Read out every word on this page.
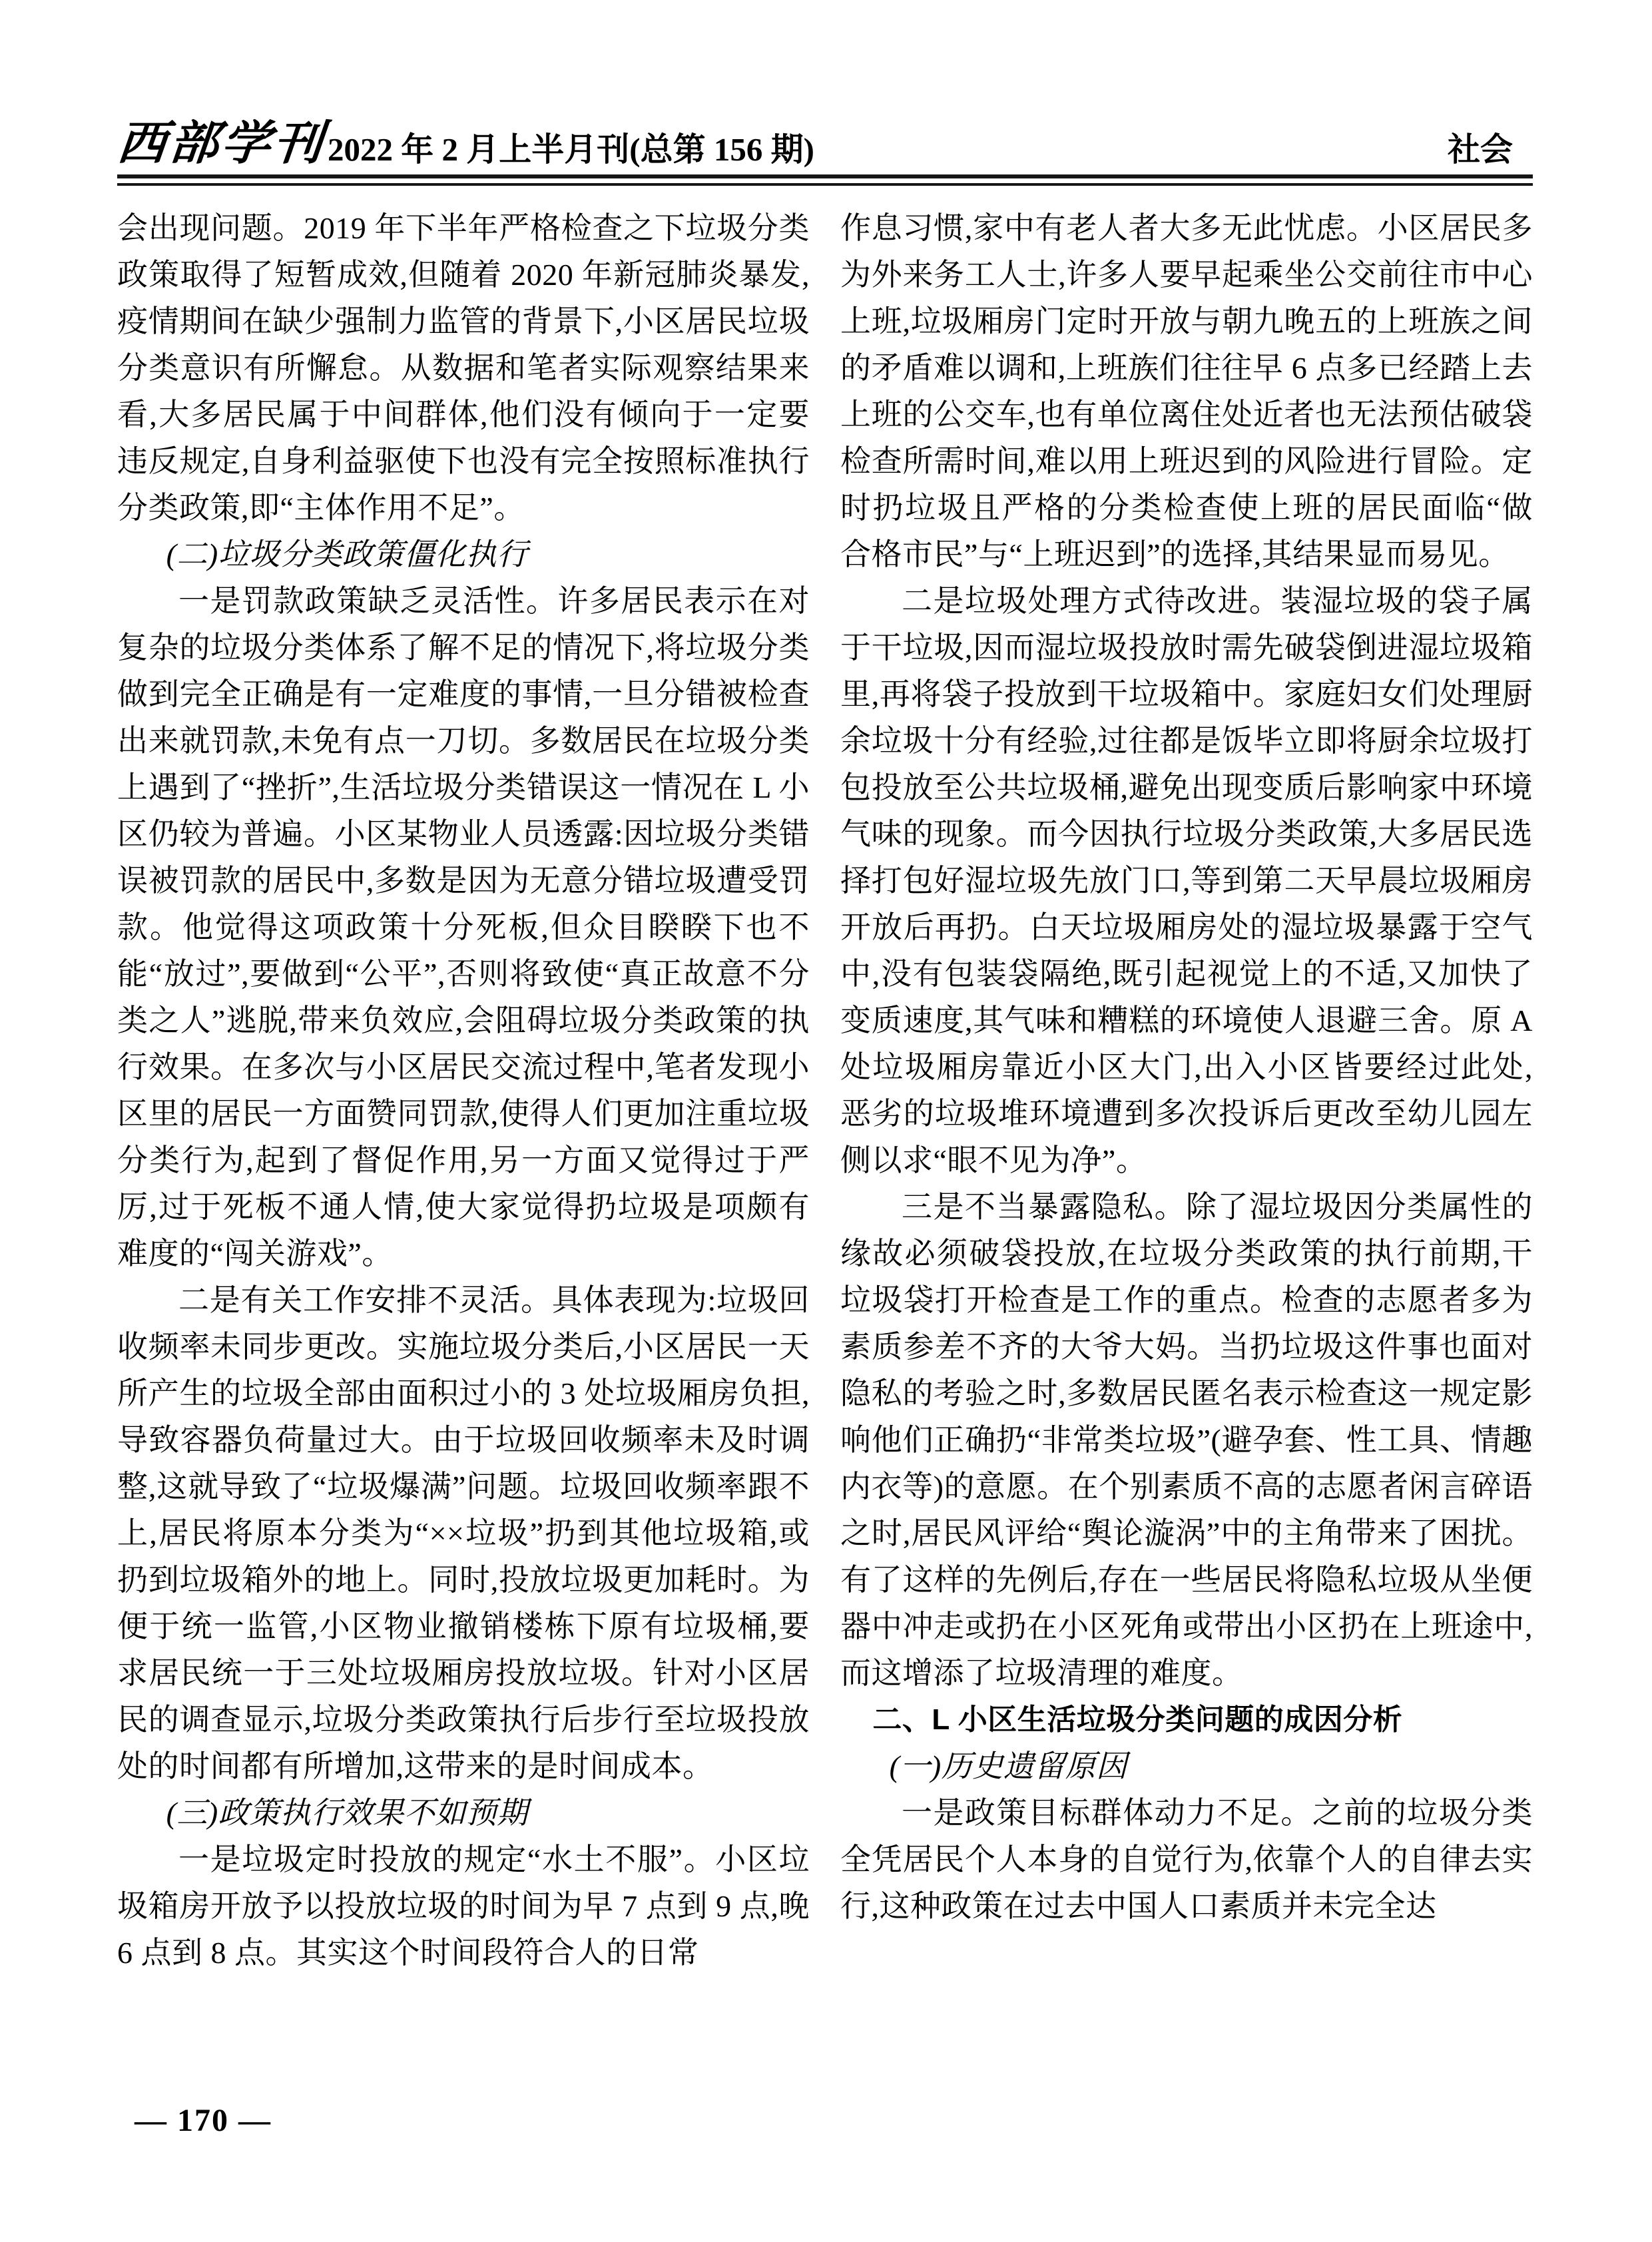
西部学刊 2022 年 2 月上半月刊(总第 156 期)	社会

会出现问题。2019 年下半年严格检查之下垃圾分类政策取得了短暂成效,但随着 2020 年新冠肺炎暴发,疫情期间在缺少强制力监管的背景下,小区居民垃圾分类意识有所懈怠。从数据和笔者实际观察结果来看,大多居民属于中间群体,他们没有倾向于一定要违反规定,自身利益驱使下也没有完全按照标准执行分类政策,即“主体作用不足”。

(二)垃圾分类政策僵化执行

一是罚款政策缺乏灵活性。许多居民表示在对复杂的垃圾分类体系了解不足的情况下,将垃圾分类做到完全正确是有一定难度的事情,一旦分错被检查出来就罚款,未免有点一刀切。多数居民在垃圾分类上遇到了“挫折”,生活垃圾分类错误这一情况在 L 小区仍较为普遍。小区某物业人员透露:因垃圾分类错误被罚款的居民中,多数是因为无意分错垃圾遭受罚款。他觉得这项政策十分死板,但众目睽睽下也不能“放过”,要做到“公平”,否则将致使“真正故意不分类之人”逃脱,带来负效应,会阻碍垃圾分类政策的执行效果。在多次与小区居民交流过程中,笔者发现小区里的居民一方面赞同罚款,使得人们更加注重垃圾分类行为,起到了督促作用,另一方面又觉得过于严厉,过于死板不通人情,使大家觉得扔垃圾是项颇有难度的“闯关游戏”。

二是有关工作安排不灵活。具体表现为:垃圾回收频率未同步更改。实施垃圾分类后,小区居民一天所产生的垃圾全部由面积过小的 3 处垃圾厢房负担,导致容器负荷量过大。由于垃圾回收频率未及时调整,这就导致了“垃圾爆满”问题。垃圾回收频率跟不上,居民将原本分类为“××垃圾”扔到其他垃圾箱,或扔到垃圾箱外的地上。同时,投放垃圾更加耗时。为便于统一监管,小区物业撤销楼栋下原有垃圾桶,要求居民统一于三处垃圾厢房投放垃圾。针对小区居民的调查显示,垃圾分类政策执行后步行至垃圾投放处的时间都有所增加,这带来的是时间成本。

(三)政策执行效果不如预期

一是垃圾定时投放的规定“水土不服”。小区垃圾箱房开放予以投放垃圾的时间为早 7 点到 9 点,晚 6 点到 8 点。其实这个时间段符合人的日常

作息习惯,家中有老人者大多无此忧虑。小区居民多为外来务工人士,许多人要早起乘坐公交前往市中心上班,垃圾厢房门定时开放与朝九晚五的上班族之间的矛盾难以调和,上班族们往往早 6 点多已经踏上去上班的公交车,也有单位离住处近者也无法预估破袋检查所需时间,难以用上班迟到的风险进行冒险。定时扔垃圾且严格的分类检查使上班的居民面临“做合格市民”与“上班迟到”的选择,其结果显而易见。

二是垃圾处理方式待改进。装湿垃圾的袋子属于干垃圾,因而湿垃圾投放时需先破袋倒进湿垃圾箱里,再将袋子投放到干垃圾箱中。家庭妇女们处理厨余垃圾十分有经验,过往都是饭毕立即将厨余垃圾打包投放至公共垃圾桶,避免出现变质后影响家中环境气味的现象。而今因执行垃圾分类政策,大多居民选择打包好湿垃圾先放门口,等到第二天早晨垃圾厢房开放后再扔。白天垃圾厢房处的湿垃圾暴露于空气中,没有包装袋隔绝,既引起视觉上的不适,又加快了变质速度,其气味和糟糕的环境使人退避三舍。原 A 处垃圾厢房靠近小区大门,出入小区皆要经过此处,恶劣的垃圾堆环境遭到多次投诉后更改至幼儿园左侧以求“眼不见为净”。

三是不当暴露隐私。除了湿垃圾因分类属性的缘故必须破袋投放,在垃圾分类政策的执行前期,干垃圾袋打开检查是工作的重点。检查的志愿者多为素质参差不齐的大爷大妈。当扔垃圾这件事也面对隐私的考验之时,多数居民匿名表示检查这一规定影响他们正确扔“非常类垃圾”(避孕套、性工具、情趣内衣等)的意愿。在个别素质不高的志愿者闲言碎语之时,居民风评给“舆论漩涡”中的主角带来了困扰。有了这样的先例后,存在一些居民将隐私垃圾从坐便器中冲走或扔在小区死角或带出小区扔在上班途中,而这增添了垃圾清理的难度。

二、L 小区生活垃圾分类问题的成因分析

(一)历史遗留原因

一是政策目标群体动力不足。之前的垃圾分类全凭居民个人本身的自觉行为,依靠个人的自律去实行,这种政策在过去中国人口素质并未完全达

— 170 —
